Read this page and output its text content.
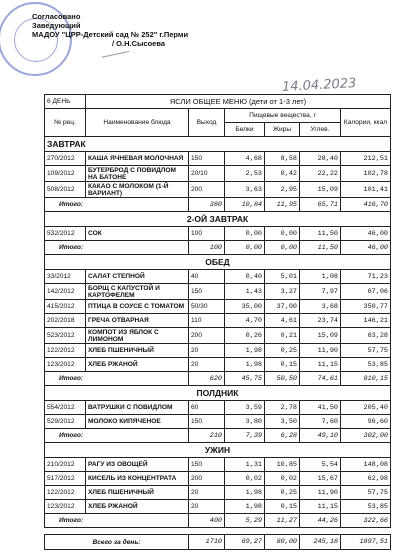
Согласовано
Заведующий
МАДОУ "ЦРР-Детский сад № 252" г.Перми
/ О.Н.Сысоева
14.04.2023
6 ДЕНЬ	ЯСЛИ ОБЩЕЕ МЕНЮ (дети от 1-3 лет)					
№ рец.	Наименование блюда	Выход	Пищевые вещества, г			Калории, ккал
			Белки	Жиры	Углев.	
ЗАВТРАК						
270/2012	КАША ЯЧНЕВАЯ МОЛОЧНАЯ	150	4,68	8,58	28,40	212,51
109/2012	БУТЕРБРОД С ПОВИДЛОМ НА БАТОНЕ	20/10	2,53	0,42	22,22	102,78
508/2012	КАКАО С МОЛОКОМ (1-Й ВАРИАНТ)	200	3,63	2,95	15,09	101,41
Итого:		380	10,84	11,95	65,71	416,70
2-ОЙ ЗАВТРАК						
532/2012	СОК	100	0,00	0,00	11,50	46,00
Итого:		100	0,00	0,00	11,50	46,00
ОБЕД						
33/2012	САЛАТ СТЕПНОЙ	40	0,40	5,01	1,08	71,23
142/2012	БОРЩ С КАПУСТОЙ И КАРТОФЕЛЕМ	150	1,43	3,27	7,97	67,06
415/2012	ПТИЦА В СОУСЕ С ТОМАТОМ	50/30	35,00	37,00	3,68	350,77
202/2018	ГРЕЧА ОТВАРНАЯ	110	4,70	4,61	23,74	146,21
523/2012	КОМПОТ ИЗ ЯБЛОК С ЛИМОНОМ	200	0,26	0,21	15,09	63,28
122/2012	ХЛЕБ ПШЕНИЧНЫЙ	20	1,98	0,25	11,90	57,75
123/2012	ХЛЕБ РЖАНОЙ	20	1,98	0,15	11,15	53,85
Итого:		620	45,75	50,50	74,61	810,15
ПОЛДНИК						
554/2012	ВАТРУШКИ С ПОВИДЛОМ	60	3,59	2,78	41,50	205,40
529/2012	МОЛОКО КИПЯЧЕНОЕ	150	3,80	3,50	7,60	96,60
Итого:		210	7,39	6,28	49,10	302,00
УЖИН						
210/2012	РАГУ ИЗ ОВОЩЕЙ	150	1,31	10,85	5,54	148,08
517/2012	КИСЕЛЬ ИЗ КОНЦЕНТРАТА	200	0,02	0,02	15,67	62,98
122/2012	ХЛЕБ ПШЕНИЧНЫЙ	20	1,98	0,25	11,90	57,75
123/2012	ХЛЕБ РЖАНОЙ	20	1,98	0,15	11,15	53,85
Итого:		400	5,29	11,27	44,26	322,66

Всего за день:		1710	69,27	80,00	245,18	1897,51
